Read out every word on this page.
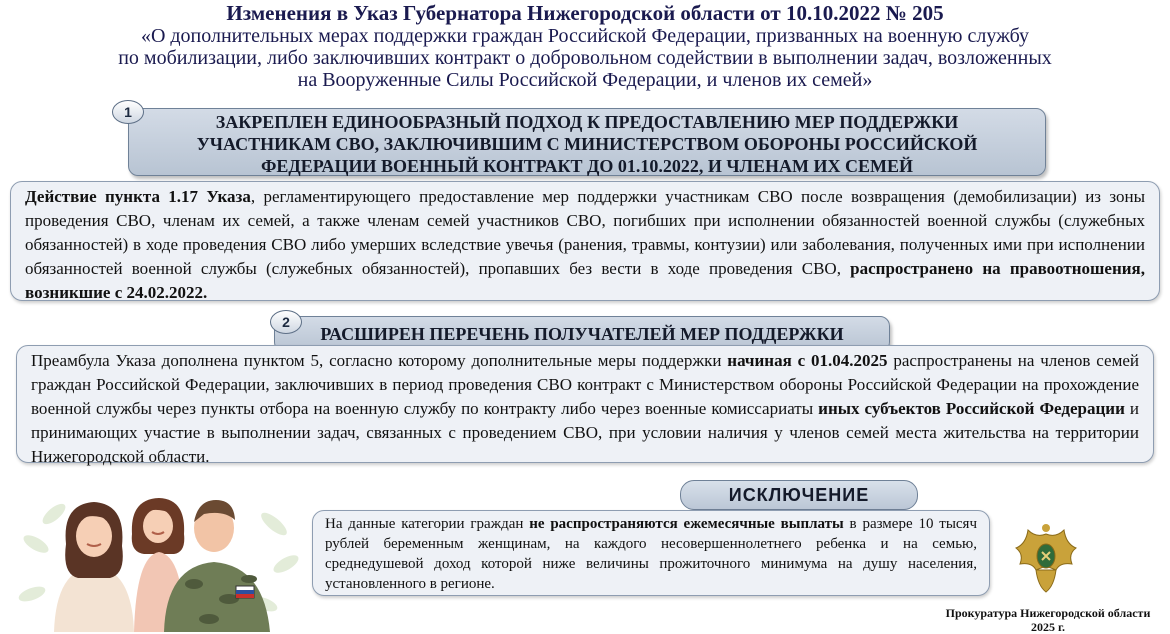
Изменения в Указ Губернатора Нижегородской области от 10.10.2022 № 205
«О дополнительных мерах поддержки граждан Российской Федерации, призванных на военную службу
по мобилизации, либо заключивших контракт о добровольном содействии в выполнении задач, возложенных
на Вооруженные Силы Российской Федерации, и членов их семей»
ЗАКРЕПЛЕН ЕДИНООБРАЗНЫЙ ПОДХОД К ПРЕДОСТАВЛЕНИЮ МЕР ПОДДЕРЖКИ
УЧАСТНИКАМ СВО, ЗАКЛЮЧИВШИМ С МИНИСТЕРСТВОМ ОБОРОНЫ РОССИЙСКОЙ
ФЕДЕРАЦИИ ВОЕННЫЙ КОНТРАКТ ДО 01.10.2022, И ЧЛЕНАМ ИХ СЕМЕЙ
1

Действие пункта 1.17 Указа, регламентирующего предоставление мер поддержки участникам СВО после возвращения (демобилизации) из зоны проведения СВО, членам их семей, а также членам семей участников СВО, погибших при исполнении обязанностей военной службы (служебных обязанностей) в ходе проведения СВО либо умерших вследствие увечья (ранения, травмы, контузии) или заболевания, полученных ими при исполнении обязанностей военной службы (служебных обязанностей), пропавших без вести в ходе проведения СВО, распространено на правоотношения, возникшие с 24.02.2022.

РАСШИРЕН ПЕРЕЧЕНЬ ПОЛУЧАТЕЛЕЙ МЕР ПОДДЕРЖКИ
2

Преамбула Указа дополнена пунктом 5, согласно которому дополнительные меры поддержки начиная с 01.04.2025 распространены на членов семей граждан Российской Федерации, заключивших в период проведения СВО контракт с Министерством обороны Российской Федерации на прохождение военной службы через пункты отбора на военную службу по контракту либо через военные комиссариаты иных субъектов Российской Федерации и принимающих участие в выполнении задач, связанных с проведением СВО, при условии наличия у членов семей места жительства на территории Нижегородской области.

ИСКЛЮЧЕНИЕ

На данные категории граждан не распространяются ежемесячные выплаты в размере 10 тысяч рублей беременным женщинам, на каждого несовершеннолетнего ребенка и на семью, среднедушевой доход которой ниже величины прожиточного минимума на душу населения, установленного в регионе.

Прокуратура Нижегородской области
2025 г.
